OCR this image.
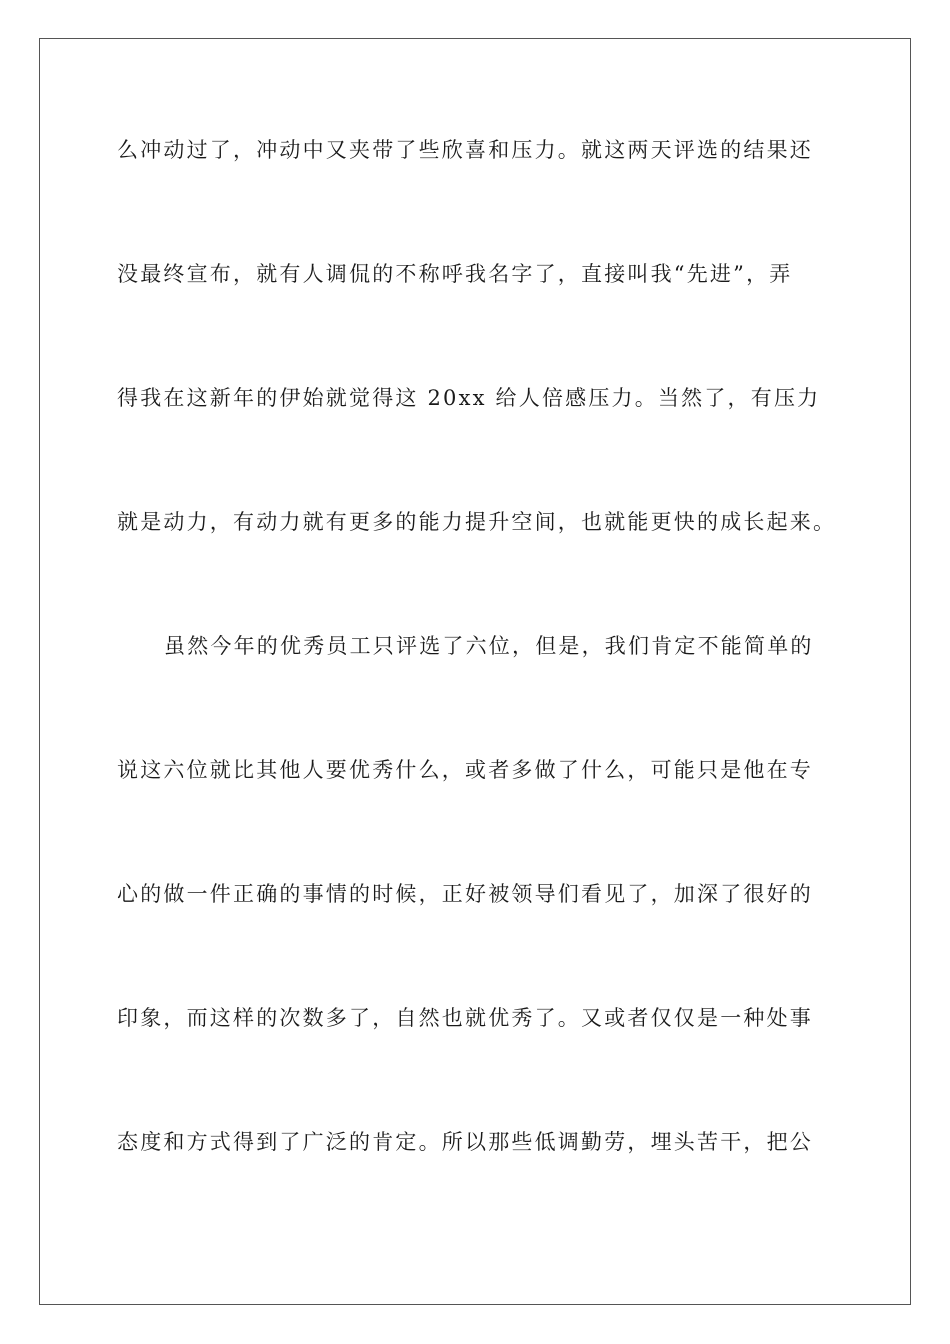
么冲动过了，冲动中又夹带了些欣喜和压力。就这两天评选的结果还
没最终宣布，就有人调侃的不称呼我名字了，直接叫我“先进”，弄
得我在这新年的伊始就觉得这 20xx 给人倍感压力。当然了，有压力
就是动力，有动力就有更多的能力提升空间，也就能更快的成长起来。
虽然今年的优秀员工只评选了六位，但是，我们肯定不能简单的
说这六位就比其他人要优秀什么，或者多做了什么，可能只是他在专
心的做一件正确的事情的时候，正好被领导们看见了，加深了很好的
印象，而这样的次数多了，自然也就优秀了。又或者仅仅是一种处事
态度和方式得到了广泛的肯定。所以那些低调勤劳，埋头苦干，把公
